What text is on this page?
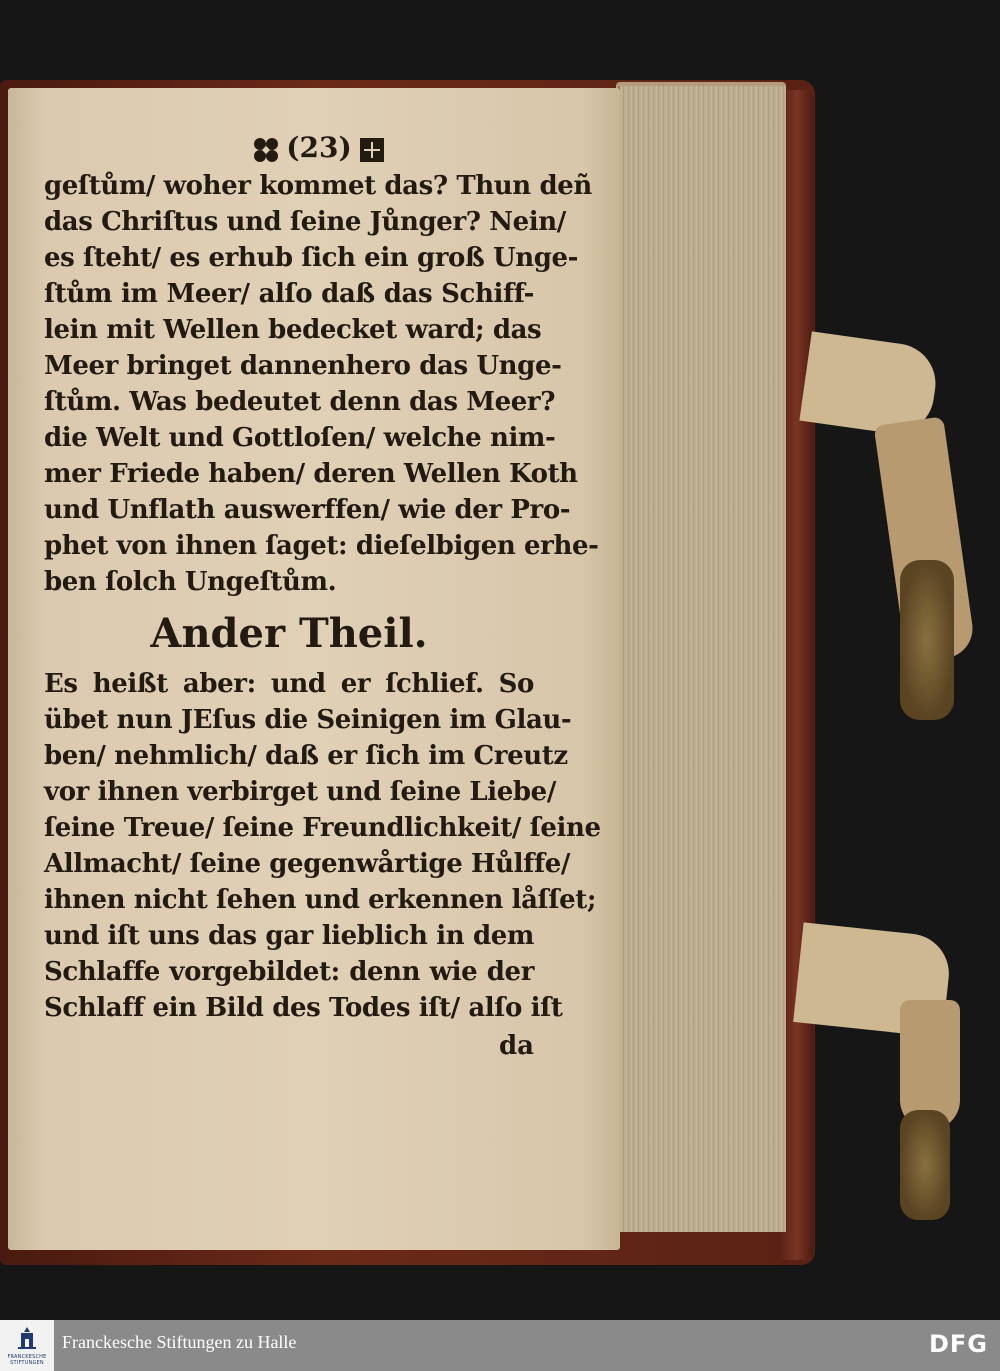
(23)
geſtům/ woher kommet das? Thun deñ
das Chriſtus und ſeine Jůnger? Nein/
es ſteht/ es erhub ſich ein groß Unge-
ſtům im Meer/ alſo daß das Schiff-
lein mit Wellen bedecket ward; das
Meer bringet dannenhero das Unge-
ſtům. Was bedeutet denn das Meer?
die Welt und Gottloſen/ welche nim-
mer Friede haben/ deren Wellen Koth
und Unflath auswerffen/ wie der Pro-
phet von ihnen ſaget: dieſelbigen erhe-
ben ſolch Ungeſtům.
Ander Theil.
Es heißt aber: und er ſchlief. So
übet nun JEſus die Seinigen im Glau-
ben/ nehmlich/ daß er ſich im Creutz
vor ihnen verbirget und ſeine Liebe/
ſeine Treue/ ſeine Freundlichkeit/ ſeine
Allmacht/ ſeine gegenwårtige Hůlffe/
ihnen nicht ſehen und erkennen låſſet;
und iſt uns das gar lieblich in dem
Schlaffe vorgebildet: denn wie der
Schlaff ein Bild des Todes iſt/ alſo iſt
da
FRANCKESCHE STIFTUNGEN
Franckesche Stiftungen zu Halle	DFG
